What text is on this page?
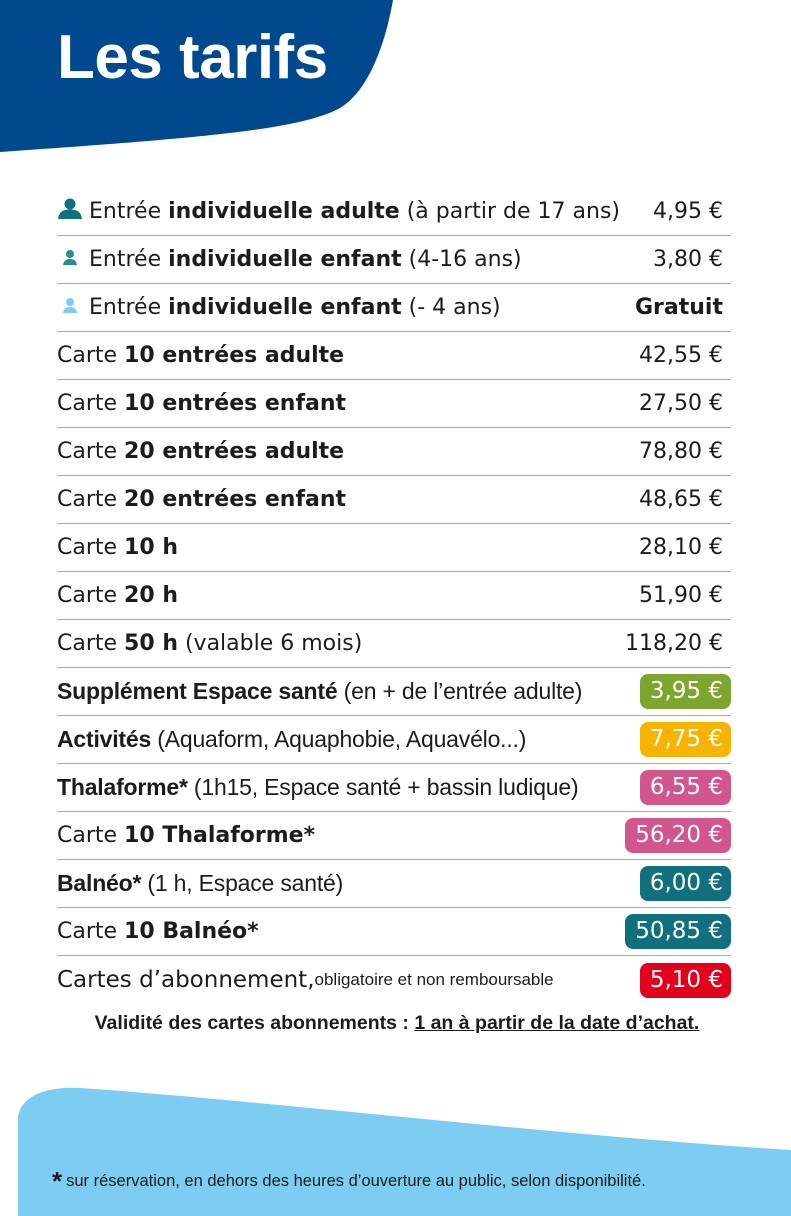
Les tarifs
Entrée individuelle adulte (à partir de 17 ans) 4,95 €
Entrée individuelle enfant (4-16 ans)	3,80 €
Entrée individuelle enfant (- 4 ans)	Gratuit
Carte 10 entrées adulte	42,55 €
Carte 10 entrées enfant	27,50 €
Carte 20 entrées adulte	78,80 €
Carte 20 entrées enfant	48,65 €
Carte 10 h	28,10 €
Carte 20 h	51,90 €
Carte 50 h (valable 6 mois)	118,20 €
Supplément Espace santé (en + de l’entrée adulte)	3,95 €
Activités (Aquaform, Aquaphobie, Aquavélo...)	7,75 €
Thalaforme* (1h15, Espace santé + bassin ludique)	6,55 €
Carte 10 Thalaforme*	56,20 €
Balnéo* (1 h, Espace santé)	6,00 €
Carte 10 Balnéo*	50,85 €
Cartes d’abonnement, obligatoire et non remboursable	5,10 €
Validité des cartes abonnements : 1 an à partir de la date d’achat.
* sur réservation, en dehors des heures d’ouverture au public, selon disponibilité.
